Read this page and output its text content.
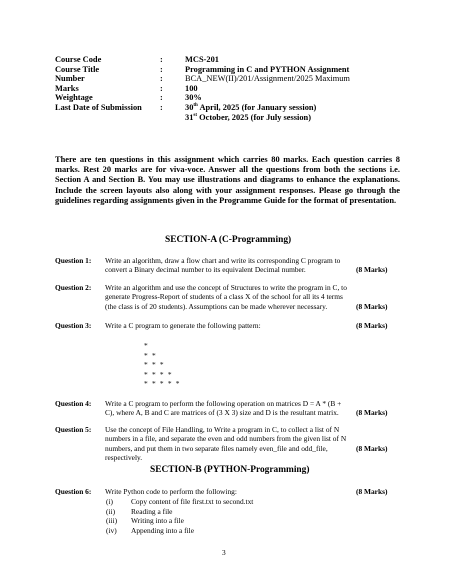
Course Code	:	MCS-201
Course Title	:	Programming in C and PYTHON Assignment
Number	:	BCA_NEW(II)/201/Assignment/2025 Maximum
Marks	:	100
Weightage	:	30%
Last Date of Submission :	30th April, 2025 (for January session)
31st October, 2025 (for July session)
There are ten questions in this assignment which carries 80 marks. Each question carries 8 marks. Rest 20 marks are for viva-voce. Answer all the questions from both the sections i.e. Section A and Section B. You may use illustrations and diagrams to enhance the explanations. Include the screen layouts also along with your assignment responses. Please go through the guidelines regarding assignments given in the Programme Guide for the format of presentation.
SECTION-A (C-Programming)
Question 1: Write an algorithm, draw a flow chart and write its corresponding C program to convert a Binary decimal number to its equivalent Decimal number.	(8 Marks)
Question 2: Write an algorithm and use the concept of Structures to write the program in C, to generate Progress-Report of students of a class X of the school for all its 4 terms (the class is of 20 students). Assumptions can be made wherever necessary.	(8 Marks)
Question 3: Write a C program to generate the following pattern:	(8 Marks)
*
* *
* * *
* * * *
* * * * *
Question 4: Write a C program to perform the following operation on matrices D = A * (B + C), where A, B and C are matrices of (3 X 3) size and D is the resultant matrix.	(8 Marks)
Question 5: Use the concept of File Handling, to Write a program in C, to collect a list of N numbers in a file, and separate the even and odd numbers from the given list of N numbers, and put them in two separate files namely even_file and odd_file, respectively.
(8 Marks)
SECTION-B (PYTHON-Programming)
Question 6: Write Python code to perform the following:	(8 Marks)
(i) Copy content of file first.txt to second.txt
(ii) Reading a file
(iii) Writing into a file
(iv) Appending into a file
3
